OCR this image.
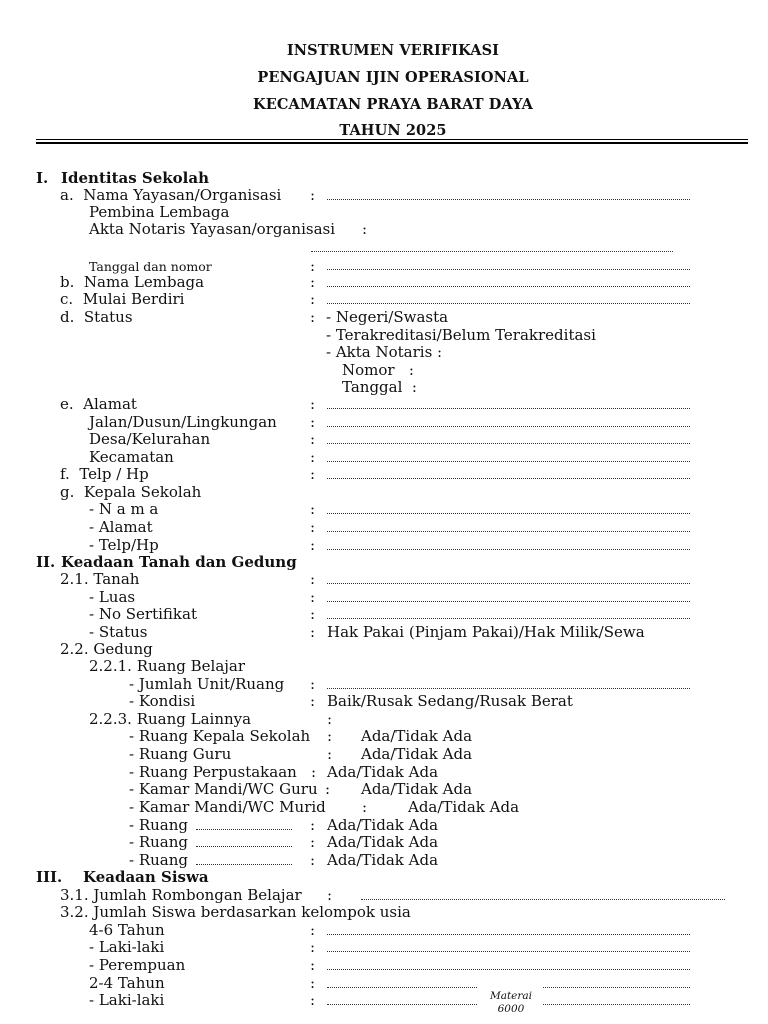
INSTRUMEN VERIFIKASI
PENGAJUAN IJIN OPERASIONAL
KECAMATAN PRAYA BARAT DAYA
TAHUN 2025
I. Identitas Sekolah
a.  Nama Yayasan/Organisasi :
Pembina Lembaga
Akta Notaris Yayasan/organisasi :
Tanggal dan nomor	:
b.  Nama Lembaga	:
c.  Mulai Berdiri	:
d.  Status	: - Negeri/Swasta
- Terakreditasi/Belum Terakreditasi
- Akta Notaris :
Nomor   :
Tanggal  :
e.  Alamat	:
Jalan/Dusun/Lingkungan :
Desa/Kelurahan	:
Kecamatan	:
f.  Telp / Hp	:
g.  Kepala Sekolah
- N a m a	:
- Alamat	:
- Telp/Hp	:
II. Keadaan Tanah dan Gedung
2.1. Tanah	:
- Luas	:
- No Sertifikat	:
- Status	: Hak Pakai (Pinjam Pakai)/Hak Milik/Sewa
2.2. Gedung
2.2.1. Ruang Belajar
- Jumlah Unit/Ruang :
- Kondisi	: Baik/Rusak Sedang/Rusak Berat
2.2.3. Ruang Lainnya	:
- Ruang Kepala Sekolah : Ada/Tidak Ada
- Ruang Guru	: Ada/Tidak Ada
- Ruang Perpustakaan : Ada/Tidak Ada
- Kamar Mandi/WC Guru : Ada/Tidak Ada
- Kamar Mandi/WC Murid :	Ada/Tidak Ada
- Ruang	: Ada/Tidak Ada
- Ruang	: Ada/Tidak Ada
- Ruang	: Ada/Tidak Ada
III. Keadaan Siswa
3.1. Jumlah Rombongan Belajar :
3.2. Jumlah Siswa berdasarkan kelompok usia
4-6 Tahun	:
- Laki-laki	:
- Perempuan	:
2-4 Tahun	:
- Laki-laki	:	Materai
6000
